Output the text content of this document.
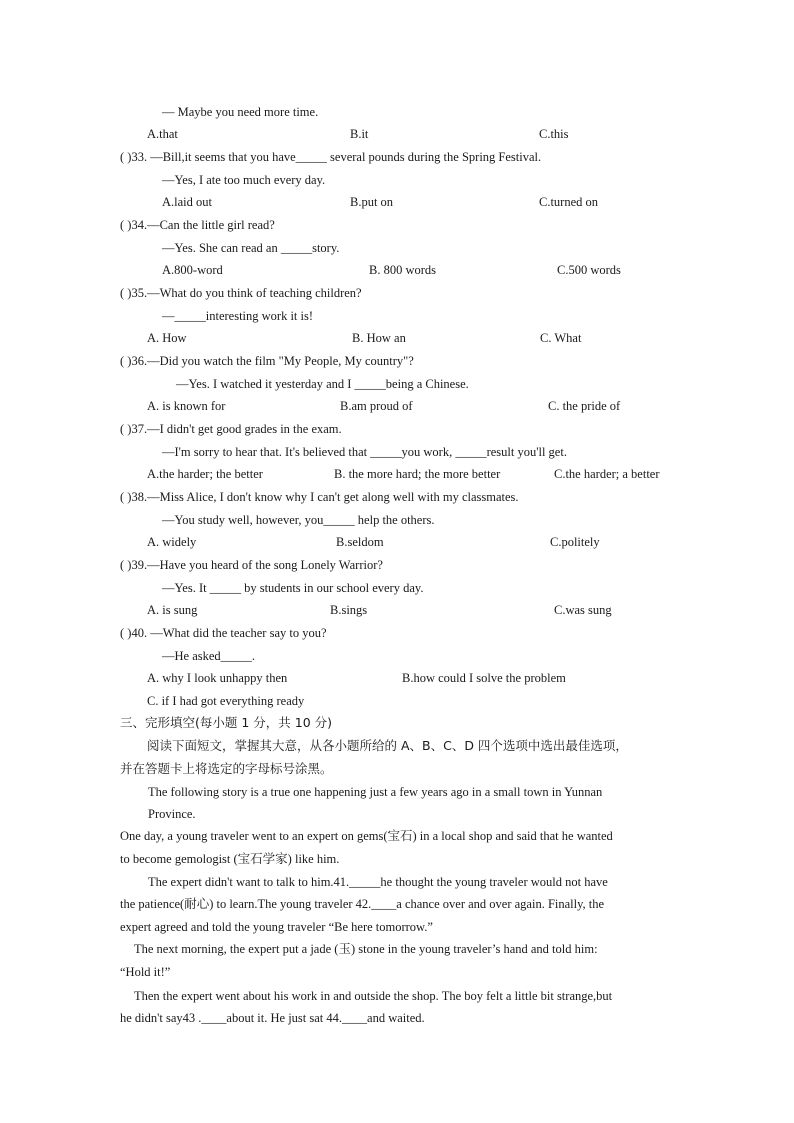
— Maybe you need more time.
A.that	B.it	C.this
( )33. —Bill,it seems that you have_____ several pounds during the Spring Festival.
—Yes, I ate too much every day.
A.laid out	B.put on	C.turned on
( )34.—Can the little girl read?
—Yes. She can read an _____story.
A.800-word	B. 800 words	C.500 words
( )35.—What do you think of teaching children?
—_____interesting work it is!
A. How	B. How an	C. What
( )36.—Did you watch the film "My People, My country"?
—Yes. I watched it yesterday and I _____being a Chinese.
A. is known for	B.am proud of	C. the pride of
( )37.—I didn't get good grades in the exam.
—I'm sorry to hear that. It's believed that _____you work, _____result you'll get.
A.the harder; the better	B. the more hard; the more better	C.the harder; a better
( )38.—Miss Alice, I don't know why I can't get along well with my classmates.
—You study well, however, you_____ help the others.
A. widely	B.seldom	C.politely
( )39.—Have you heard of the song Lonely Warrior?
—Yes. It _____ by students in our school every day.
A. is sung	B.sings	C.was sung
( )40. —What did the teacher say to you?
—He asked_____.
A. why I look unhappy then	B.how could I solve the problem
C. if I had got everything ready
三、完形填空(每小题 1 分，共 10 分)
阅读下面短文，掌握其大意，从各小题所给的 A、B、C、D 四个选项中选出最佳选项，
并在答题卡上将选定的字母标号涂黑。
The following story is a true one happening just a few years ago in a small town in Yunnan
Province.
One day, a young traveler went to an expert on gems(宝石) in a local shop and said that he wanted
to become gemologist (宝石学家) like him.
The expert didn't want to talk to him.41._____he thought the young traveler would not have
the patience(耐心) to learn.The young traveler 42.____a chance over and over again. Finally, the
expert agreed and told the young traveler “Be here tomorrow.”
The next morning, the expert put a jade (玉) stone in the young traveler’s hand and told him:
“Hold it!”
Then the expert went about his work in and outside the shop. The boy felt a little bit strange,but
he didn't say43 .____about it. He just sat 44.____and waited.
